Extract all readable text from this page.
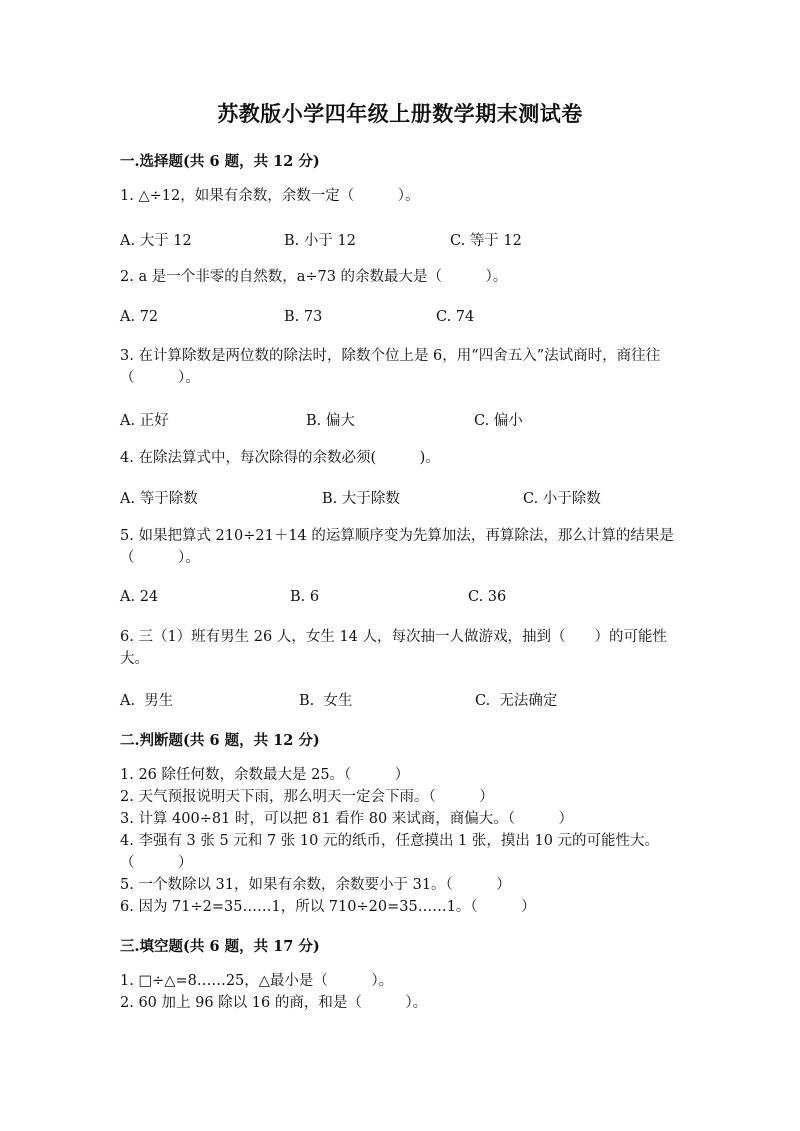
苏教版小学四年级上册数学期末测试卷
一.选择题(共 6 题，共 12 分)
1. △÷12，如果有余数，余数一定（　　　）。
A. 大于 12	B. 小于 12	C. 等于 12
2. a 是一个非零的自然数，a÷73 的余数最大是（　　　）。
A. 72	B. 73	C. 74
3. 在计算除数是两位数的除法时，除数个位上是 6，用“四舍五入”法试商时，商往往（　　　）。
A. 正好	B. 偏大	C. 偏小
4. 在除法算式中，每次除得的余数必须(　　　)。
A. 等于除数	B. 大于除数	C. 小于除数
5. 如果把算式 210÷21＋14 的运算顺序变为先算加法，再算除法，那么计算的结果是（　　　）。
A. 24	B. 6	C. 36
6. 三（1）班有男生 26 人，女生 14 人，每次抽一人做游戏，抽到（　　）的可能性大。
A.  男生	B.  女生	C.  无法确定
二.判断题(共 6 题，共 12 分)
1. 26 除任何数，余数最大是 25。（　　　）
2. 天气预报说明天下雨，那么明天一定会下雨。（　　　）
3. 计算 400÷81 时，可以把 81 看作 80 来试商，商偏大。（　　　）
4. 李强有 3 张 5 元和 7 张 10 元的纸币，任意摸出 1 张，摸出 10 元的可能性大。　　　（　　　）
5. 一个数除以 31，如果有余数，余数要小于 31。（　　　）
6. 因为 71÷2=35……1，所以 710÷20=35……1。（　　　）
三.填空题(共 6 题，共 17 分)
1. □÷△=8……25，△最小是（　　　）。
2. 60 加上 96 除以 16 的商，和是（　　　）。
